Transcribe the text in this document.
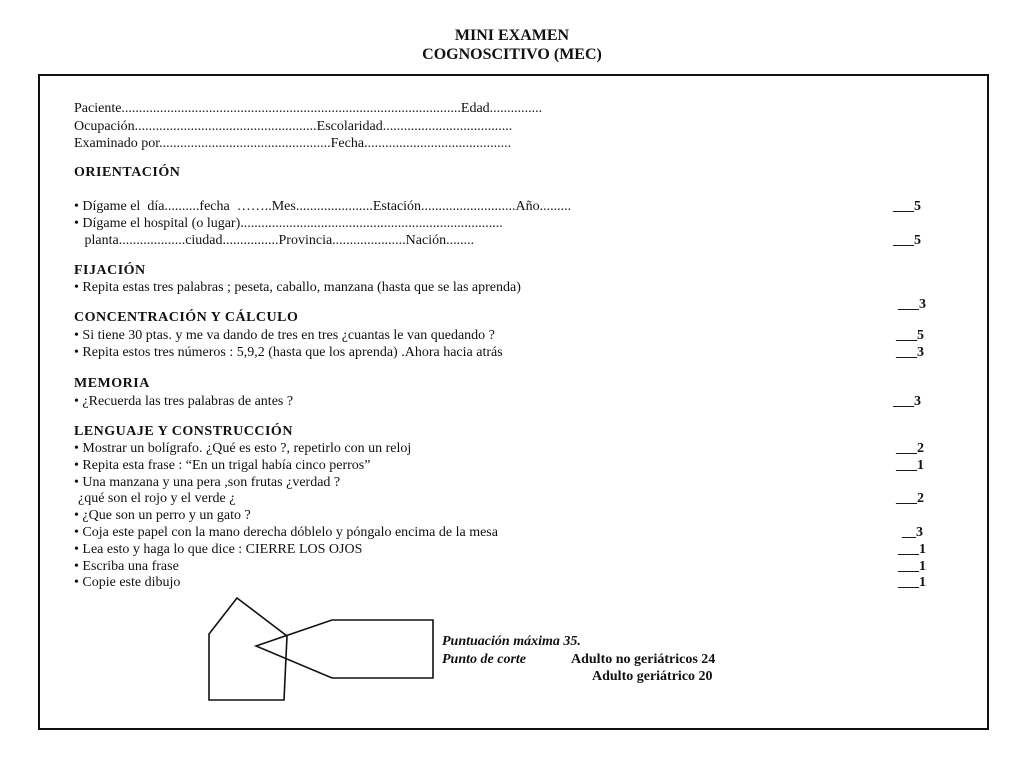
MINI EXAMEN
COGNOSCITIVO (MEC)
Paciente.................................................................................................Edad...............
Ocupación....................................................Escolaridad.....................................
Examinado por.................................................Fecha..........................................
ORIENTACIÓN
• Dígame el  día..........fecha  ……..Mes......................Estación...........................Año.........	___5
• Dígame el hospital (o lugar)...........................................................................
planta...................ciudad................Provincia.....................Nación........	___5
FIJACIÓN
• Repita estas tres palabras ; peseta, caballo, manzana (hasta que se las aprenda)
___3
CONCENTRACIÓN Y CÁLCULO
• Si tiene 30 ptas. y me va dando de tres en tres ¿cuantas le van quedando ?	___5
• Repita estos tres números : 5,9,2 (hasta que los aprenda) .Ahora hacia atrás	___3
MEMORIA
• ¿Recuerda las tres palabras de antes ?	___3
LENGUAJE Y CONSTRUCCIÓN
• Mostrar un bolígrafo. ¿Qué es esto ?, repetirlo con un reloj	___2
• Repita esta frase : “En un trigal había cinco perros”	___1
• Una manzana y una pera ,son frutas ¿verdad ?
¿qué son el rojo y el verde ¿	___2
• ¿Que son un perro y un gato ?
• Coja este papel con la mano derecha dóblelo y póngalo encima de la mesa	__3
• Lea esto y haga lo que dice : CIERRE LOS OJOS	___1
• Escriba una frase	___1
• Copie este dibujo	___1
Puntuación máxima 35.
Punto de corte	Adulto no geriátricos 24
Adulto geriátrico 20
